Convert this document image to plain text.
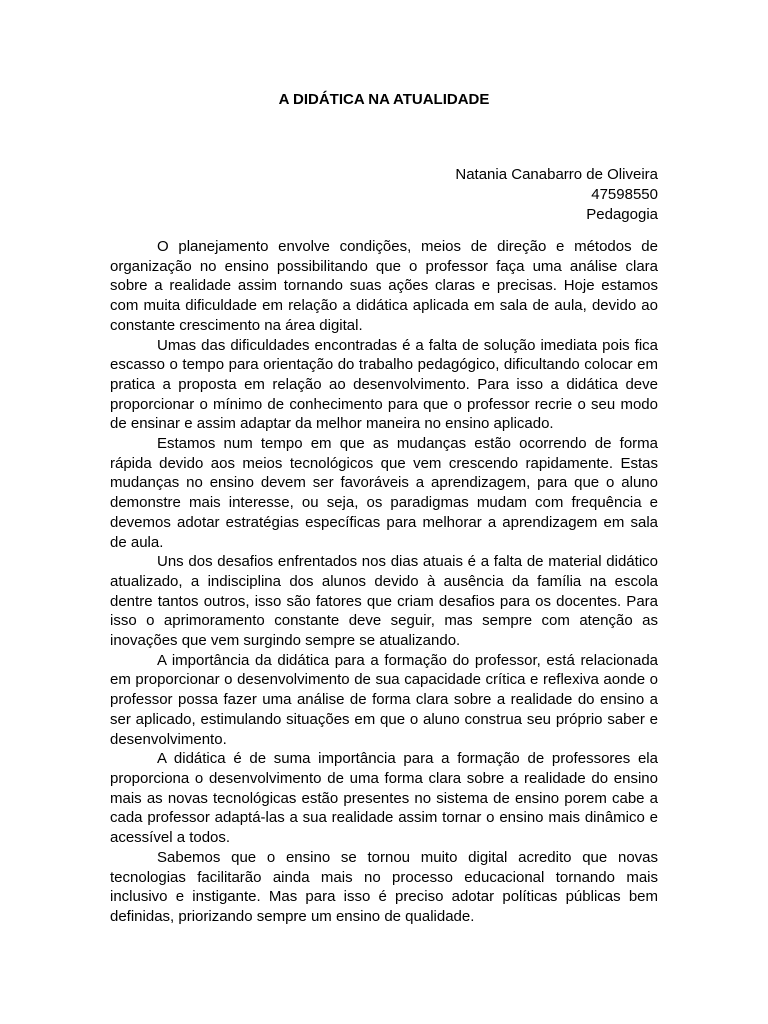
A DIDÁTICA NA ATUALIDADE
Natania Canabarro de Oliveira
47598550
Pedagogia

O planejamento envolve condições, meios de direção e métodos de organização no ensino possibilitando que o professor faça uma análise clara sobre a realidade assim tornando suas ações claras e precisas. Hoje estamos com muita dificuldade em relação a didática aplicada em sala de aula, devido ao constante crescimento na área digital.

Umas das dificuldades encontradas é a falta de solução imediata pois fica escasso o tempo para orientação do trabalho pedagógico, dificultando colocar em pratica a proposta em relação ao desenvolvimento. Para isso a didática deve proporcionar o mínimo de conhecimento para que o professor recrie o seu modo de ensinar e assim adaptar da melhor maneira no ensino aplicado.

Estamos num tempo em que as mudanças estão ocorrendo de forma rápida devido aos meios tecnológicos que vem crescendo rapidamente. Estas mudanças no ensino devem ser favoráveis a aprendizagem, para que o aluno demonstre mais interesse, ou seja, os paradigmas mudam com frequência e devemos adotar estratégias específicas para melhorar a aprendizagem em sala de aula.

Uns dos desafios enfrentados nos dias atuais é a falta de material didático atualizado, a indisciplina dos alunos devido à ausência da família na escola dentre tantos outros, isso são fatores que criam desafios para os docentes. Para isso o aprimoramento constante deve seguir, mas sempre com atenção as inovações que vem surgindo sempre se atualizando.

A importância da didática para a formação do professor, está relacionada em proporcionar o desenvolvimento de sua capacidade crítica e reflexiva aonde o professor possa fazer uma análise de forma clara sobre a realidade do ensino a ser aplicado, estimulando situações em que o aluno construa seu próprio saber e desenvolvimento.

A didática é de suma importância para a formação de professores ela proporciona o desenvolvimento de uma forma clara sobre a realidade do ensino mais as novas tecnológicas estão presentes no sistema de ensino porem cabe a cada professor adaptá-las a sua realidade assim tornar o ensino mais dinâmico e acessível a todos.

Sabemos que o ensino se tornou muito digital acredito que novas tecnologias facilitarão ainda mais no processo educacional tornando mais inclusivo e instigante. Mas para isso é preciso adotar políticas públicas bem definidas, priorizando sempre um ensino de qualidade.
